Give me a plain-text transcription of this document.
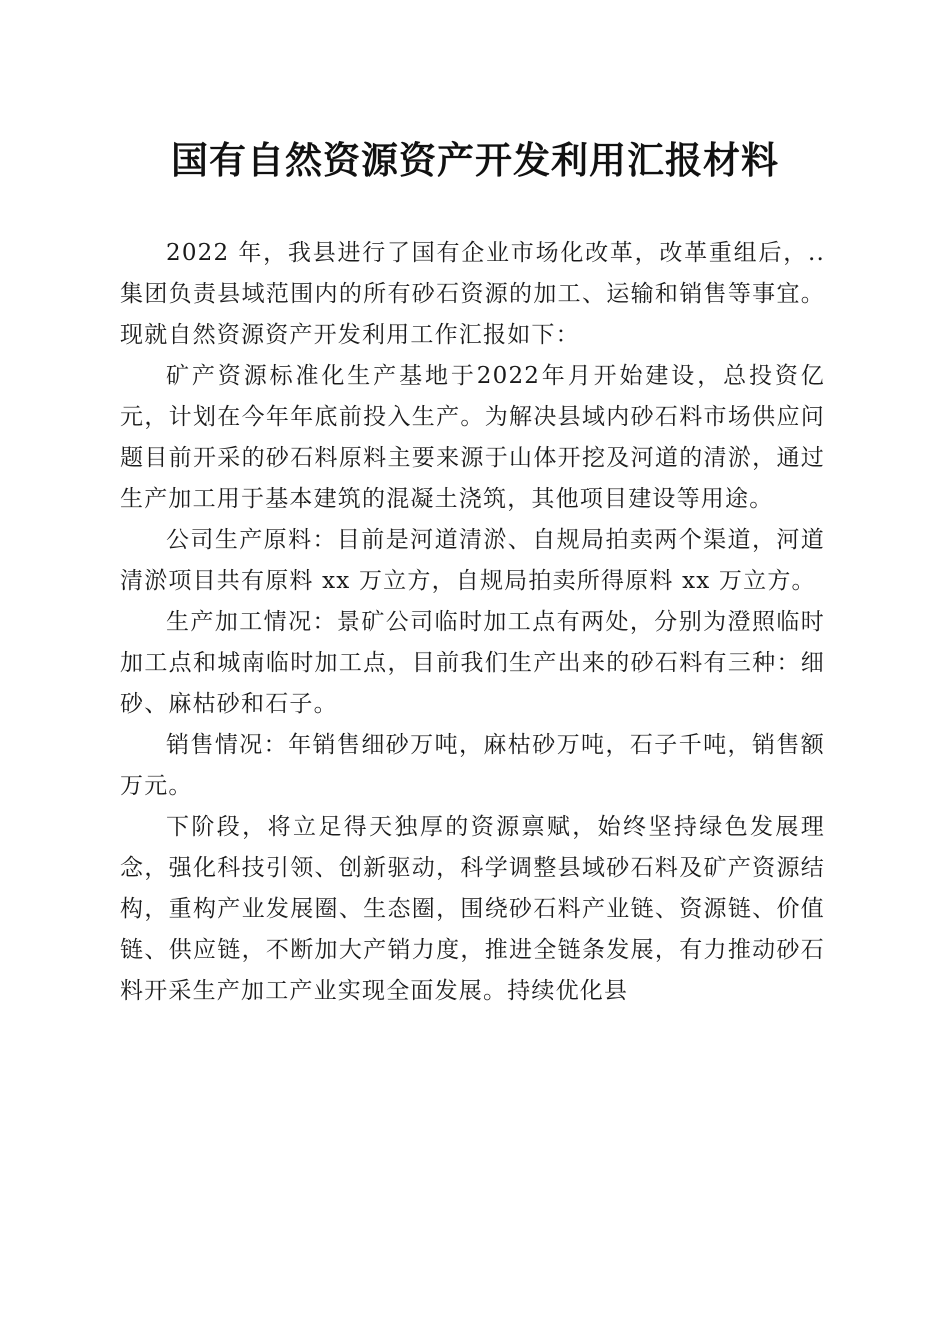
国有自然资源资产开发利用汇报材料

2022 年，我县进行了国有企业市场化改革，改革重组后，..集团负责县域范围内的所有砂石资源的加工、运输和销售等事宜。现就自然资源资产开发利用工作汇报如下：

矿产资源标准化生产基地于2022年月开始建设，总投资亿元，计划在今年年底前投入生产。为解决县域内砂石料市场供应问题目前开采的砂石料原料主要来源于山体开挖及河道的清淤，通过生产加工用于基本建筑的混凝土浇筑，其他项目建设等用途。

公司生产原料：目前是河道清淤、自规局拍卖两个渠道，河道清淤项目共有原料 xx 万立方，自规局拍卖所得原料 xx 万立方。

生产加工情况：景矿公司临时加工点有两处，分别为澄照临时加工点和城南临时加工点，目前我们生产出来的砂石料有三种：细砂、麻枯砂和石子。

销售情况：年销售细砂万吨，麻枯砂万吨，石子千吨，销售额万元。

下阶段，将立足得天独厚的资源禀赋，始终坚持绿色发展理念，强化科技引领、创新驱动，科学调整县域砂石料及矿产资源结构，重构产业发展圈、生态圈，围绕砂石料产业链、资源链、价值链、供应链，不断加大产销力度，推进全链条发展，有力推动砂石料开采生产加工产业实现全面发展。持续优化县
